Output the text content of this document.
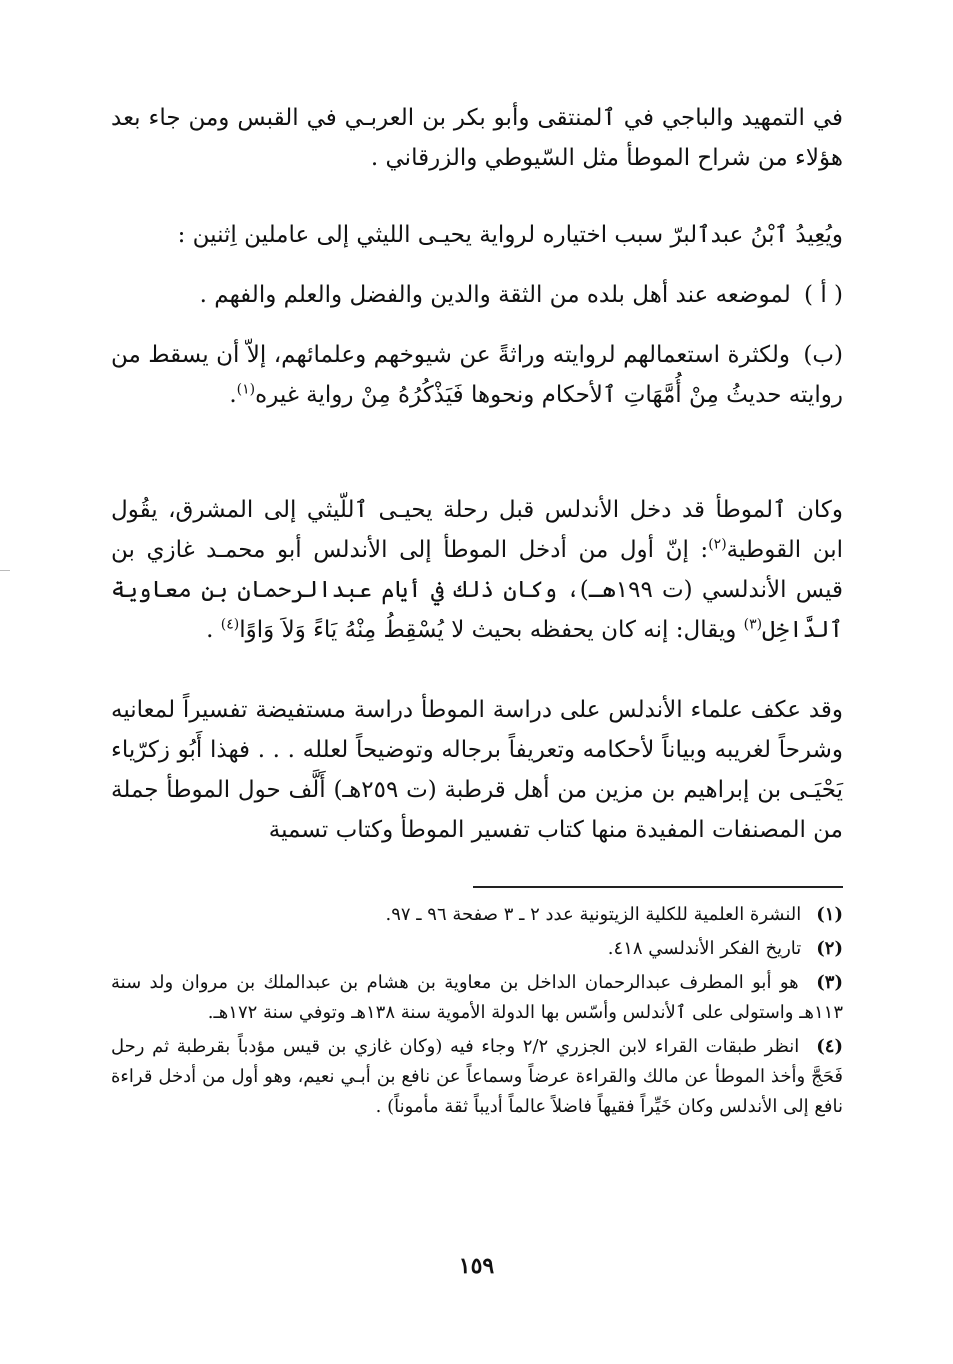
في التمهيد والباجي في ٱلمنتقى وأبو بكر بن العربـي في القبس ومن جاء بعد هؤلاء من شراح الموطأ مثل السّيوطي والزرقاني .

ويُعِيدُ ٱبْنُ عبدٱلبرّ سبب اختياره لرواية يحيـى الليثي إلى عاملين اِثنين :

( أ ) لموضعه عند أهل بلده من الثقة والدين والفضل والعلم والفهم .

(ب) ولكثرة استعمالهم لروايته وراثةً عن شيوخهم وعلمائهم، إلاّ أن يسقط من روايته حديثُ مِنْ أُمَّهَاتِ ٱلأحكام ونحوها فَيَذْكُرُهُ مِنْ رواية غيره$^{(١)}$.

وكان ٱلموطأ قد دخل الأندلس قبل رحلة يحيـى ٱللّيثي إلى المشرق، يقُول ابن القوطية$^{(٢)}$: إنّ أول من أدخل الموطأ إلى الأندلس أبو محمـد غازي بن قيس الأندلسي (ت ١٩٩هـ)، وكان ذلك في أيام عبدالرحمان بن معاوية ٱلدَّاخِل$^{(٣)}$ ويقال: إنه كان يحفظه بحيث لا يُسْقِطُ مِنْهُ يَاءً وَلاَ وَاوًا$^{(٤)}$ .

وقد عكف علماء الأندلس على دراسة الموطأ دراسة مستفيضة تفسيراً لمعانيه وشرحاً لغريبه وبياناً لأحكامه وتعريفاً برجاله وتوضيحاً لعلله . . . فهذا أَبُو زكرّياء يَحْيَـى بن إبراهيم بن مزين من أهل قرطبة (ت ٢٥٩هـ) أَلَّف حول الموطأ جملة من المصنفات المفيدة منها كتاب تفسير الموطأ وكتاب تسمية

(١) النشرة العلمية للكلية الزيتونية عدد ٢ ـ ٣ صفحة ٩٦ ـ ٩٧.
(٢) تاريخ الفكر الأندلسي ٤١٨.
(٣) هو أبو المطرف عبدالرحمان الداخل بن معاوية بن هشام بن عبدالملك بن مروان ولد سنة ١١٣هـ واستولى على ٱلأندلس وأسّس بها الدولة الأموية سنة ١٣٨هـ وتوفي سنة ١٧٢هـ.
(٤) انظر طبقات القراء لابن الجزري ٢/٢ وجاء فيه (وكان غازي بن قيس مؤدباً بقرطبة ثم رحل فَحَجَّ وأخذ الموطأ عن مالك والقراءة عرضاً وسماعاً عن نافع بن أبـي نعيم، وهو أول من أدخل قراءة نافع إلى الأندلس وكان خَيِّراً فقيهاً فاضلاً عالماً أديباً ثقة مأموناً) .
١٥٩
